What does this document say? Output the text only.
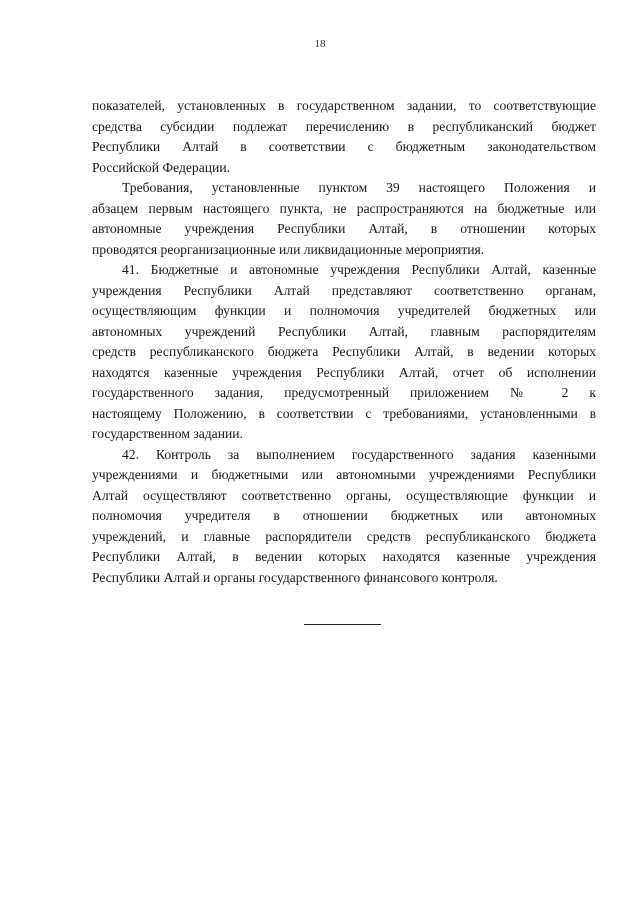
18

показателей, установленных в государственном задании, то соответствующие
средства субсидии подлежат перечислению в республиканский бюджет
Республики Алтай в соответствии с бюджетным законодательством
Российской Федерации.

Требования, установленные пунктом 39 настоящего Положения и
абзацем первым настоящего пункта, не распространяются на бюджетные или
автономные учреждения Республики Алтай, в отношении которых
проводятся реорганизационные или ликвидационные мероприятия.

41. Бюджетные и автономные учреждения Республики Алтай, казенные
учреждения Республики Алтай представляют соответственно органам,
осуществляющим функции и полномочия учредителей бюджетных или
автономных учреждений Республики Алтай, главным распорядителям
средств республиканского бюджета Республики Алтай, в ведении которых
находятся казенные учреждения Республики Алтай, отчет об исполнении
государственного задания, предусмотренный приложением № 2 к
настоящему Положению, в соответствии с требованиями, установленными в
государственном задании.

42. Контроль за выполнением государственного задания казенными
учреждениями и бюджетными или автономными учреждениями Республики
Алтай осуществляют соответственно органы, осуществляющие функции и
полномочия учредителя в отношении бюджетных или автономных
учреждений, и главные распорядители средств республиканского бюджета
Республики Алтай, в ведении которых находятся казенные учреждения
Республики Алтай и органы государственного финансового контроля.
